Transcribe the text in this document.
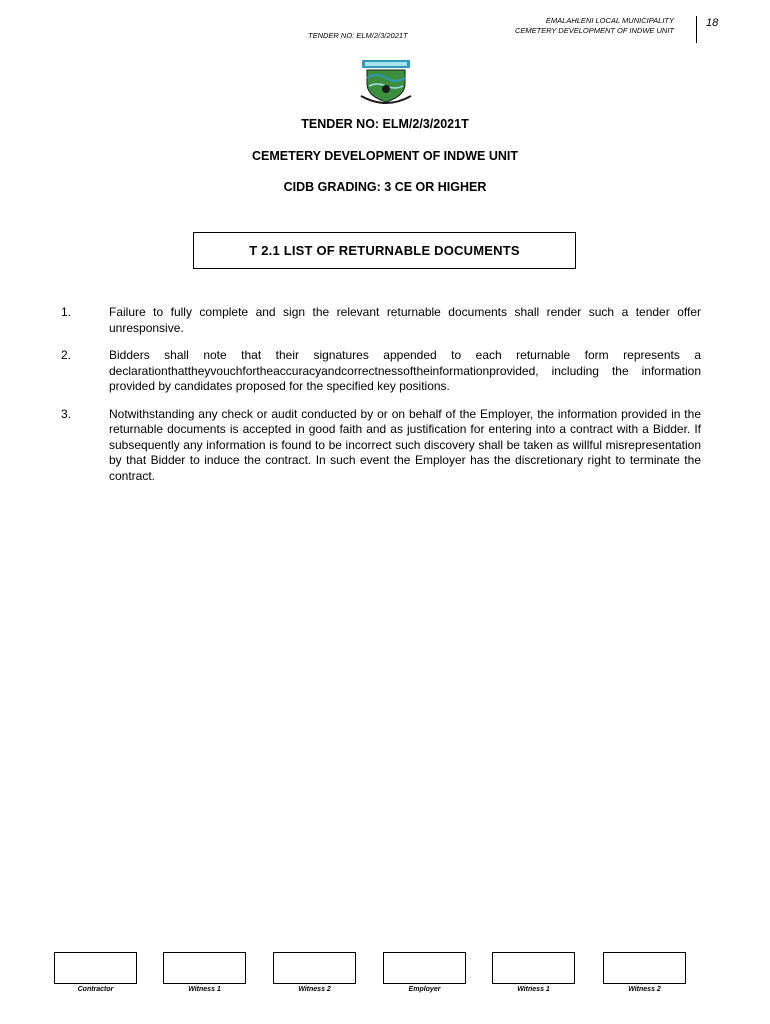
EMALAHLENI LOCAL MUNICIPALITY
CEMETERY DEVELOPMENT OF INDWE UNIT
18
TENDER NO: ELM/2/3/2021T
TENDER NO: ELM/2/3/2021T
CEMETERY DEVELOPMENT OF INDWE UNIT
CIDB GRADING: 3 CE OR HIGHER
T 2.1 LIST OF RETURNABLE DOCUMENTS
1.	Failure to fully complete and sign the relevant returnable documents shall render such a tender offer unresponsive.
2.	Bidders shall note that their signatures appended to each returnable form represents a declarationthattheyvouchfortheaccuracyandcorrectnessoftheinformationprovided, including the information provided by candidates proposed for the specified key positions.
3.	Notwithstanding any check or audit conducted by or on behalf of the Employer, the information provided in the returnable documents is accepted in good faith and as justification for entering into a contract with a Bidder. If subsequently any information is found to be incorrect such discovery shall be taken as willful misrepresentation by that Bidder to induce the contract. In such event the Employer has the discretionary right to terminate the contract.
Contractor	Witness 1	Witness 2	Employer	Witness 1	Witness 2
